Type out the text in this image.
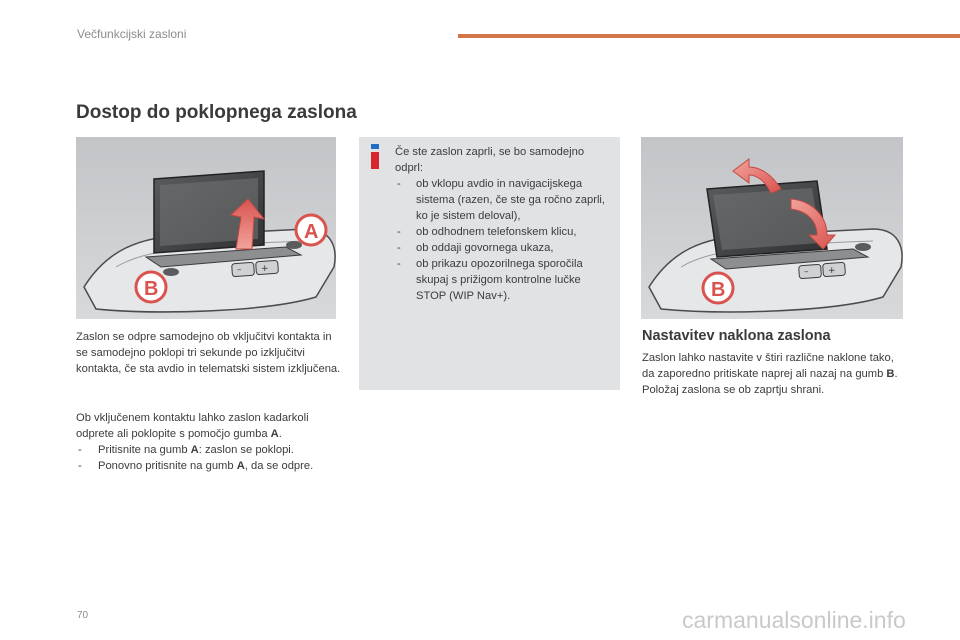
Večfunkcijski zasloni
Dostop do poklopnega zaslona
– +
A
B

Če ste zaslon zaprli, se bo samodejno odprl:

- ob vklopu avdio in navigacijskega sistema (razen, če ste ga ročno zaprli, ko je sistem deloval),
- ob odhodnem telefonskem klicu,
- ob oddaji govornega ukaza,
- ob prikazu opozorilnega sporočila skupaj s prižigom kontrolne lučke STOP (WIP Nav+).
– +
B

Zaslon se odpre samodejno ob vključitvi kontakta in se samodejno poklopi tri sekunde po izključitvi kontakta, če sta avdio in telematski sistem izključena.

Ob vključenem kontaktu lahko zaslon kadarkoli odprete ali poklopite s pomočjo gumba A.

- Pritisnite na gumb A: zaslon se poklopi.
- Ponovno pritisnite na gumb A, da se odpre.
Nastavitev naklona zaslona

Zaslon lahko nastavite v štiri različne naklone tako, da zaporedno pritiskate naprej ali nazaj na gumb B. Položaj zaslona se ob zaprtju shrani.

70	carmanualsonline.info
